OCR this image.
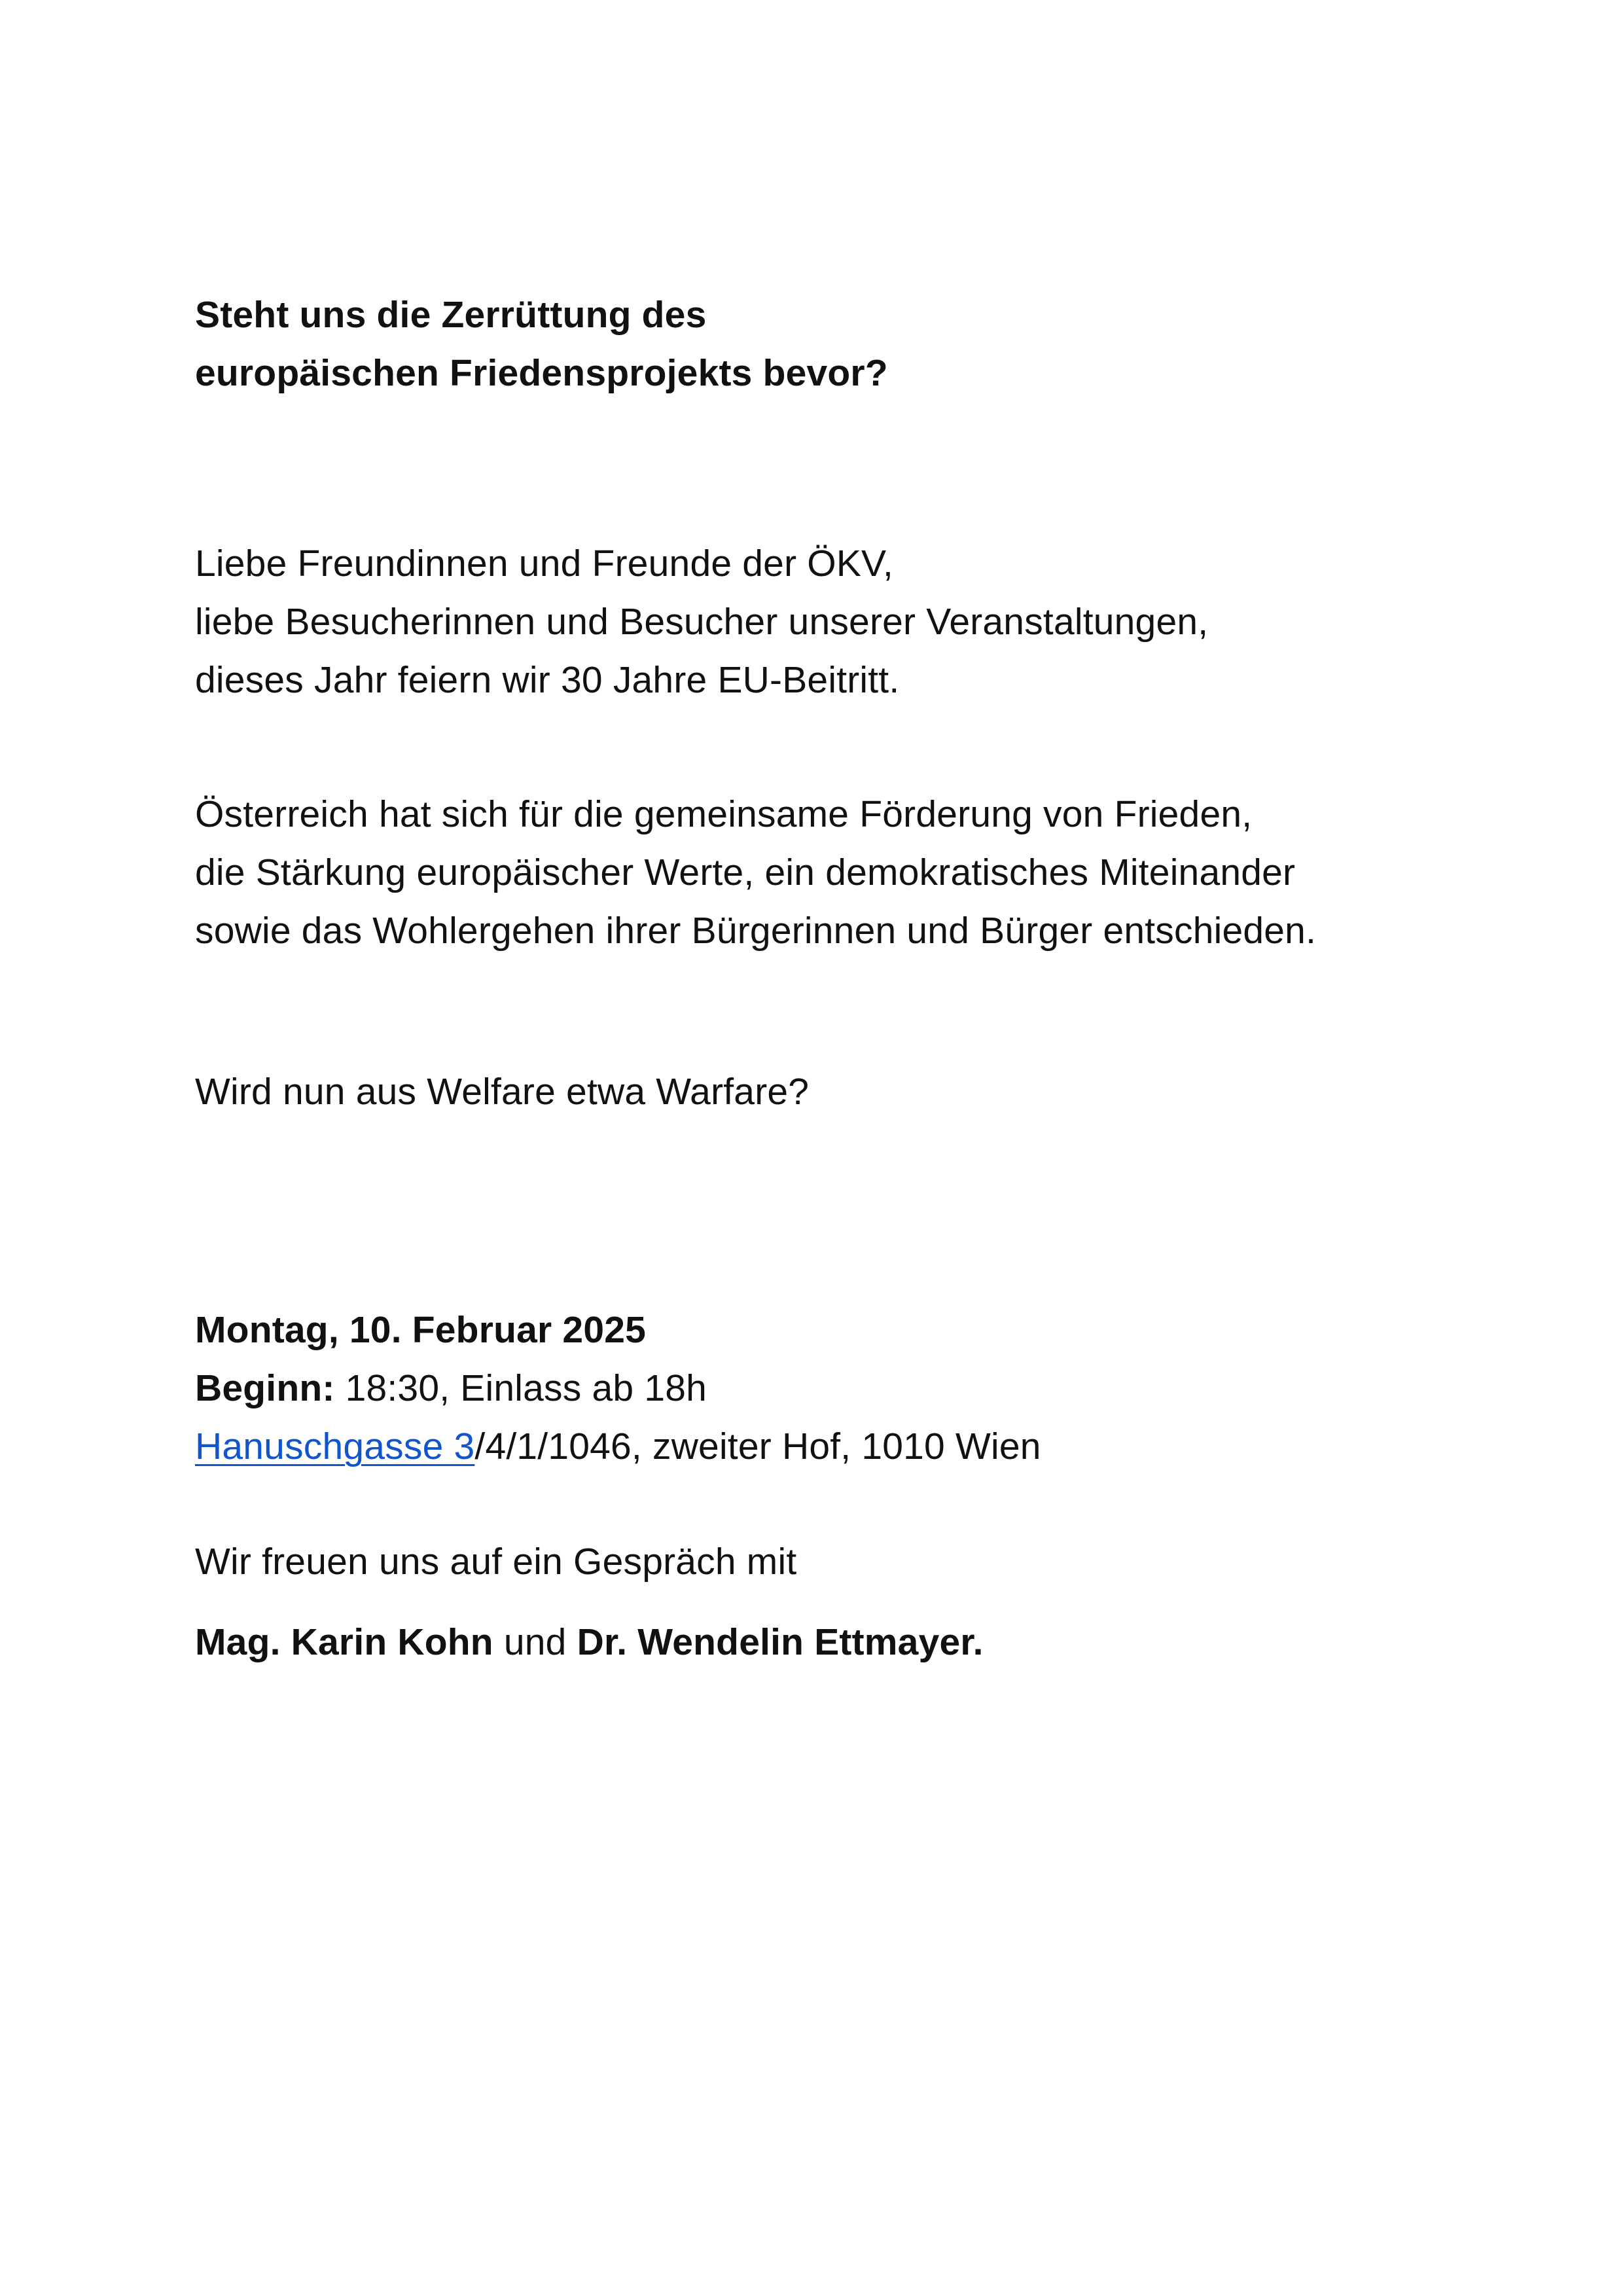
Steht uns die Zerrüttung des
europäischen Friedensprojekts bevor?
Liebe Freundinnen und Freunde der ÖKV,
liebe Besucherinnen und Besucher unserer Veranstaltungen,
dieses Jahr feiern wir 30 Jahre EU-Beitritt.
Österreich hat sich für die gemeinsame Förderung von Frieden,
die Stärkung europäischer Werte, ein demokratisches Miteinander
sowie das Wohlergehen ihrer Bürgerinnen und Bürger entschieden.
Wird nun aus Welfare etwa Warfare?
Montag, 10. Februar 2025
Beginn: 18:30, Einlass ab 18h
Hanuschgasse 3/4/1/1046, zweiter Hof, 1010 Wien
Wir freuen uns auf ein Gespräch mit
Mag. Karin Kohn und Dr. Wendelin Ettmayer.
